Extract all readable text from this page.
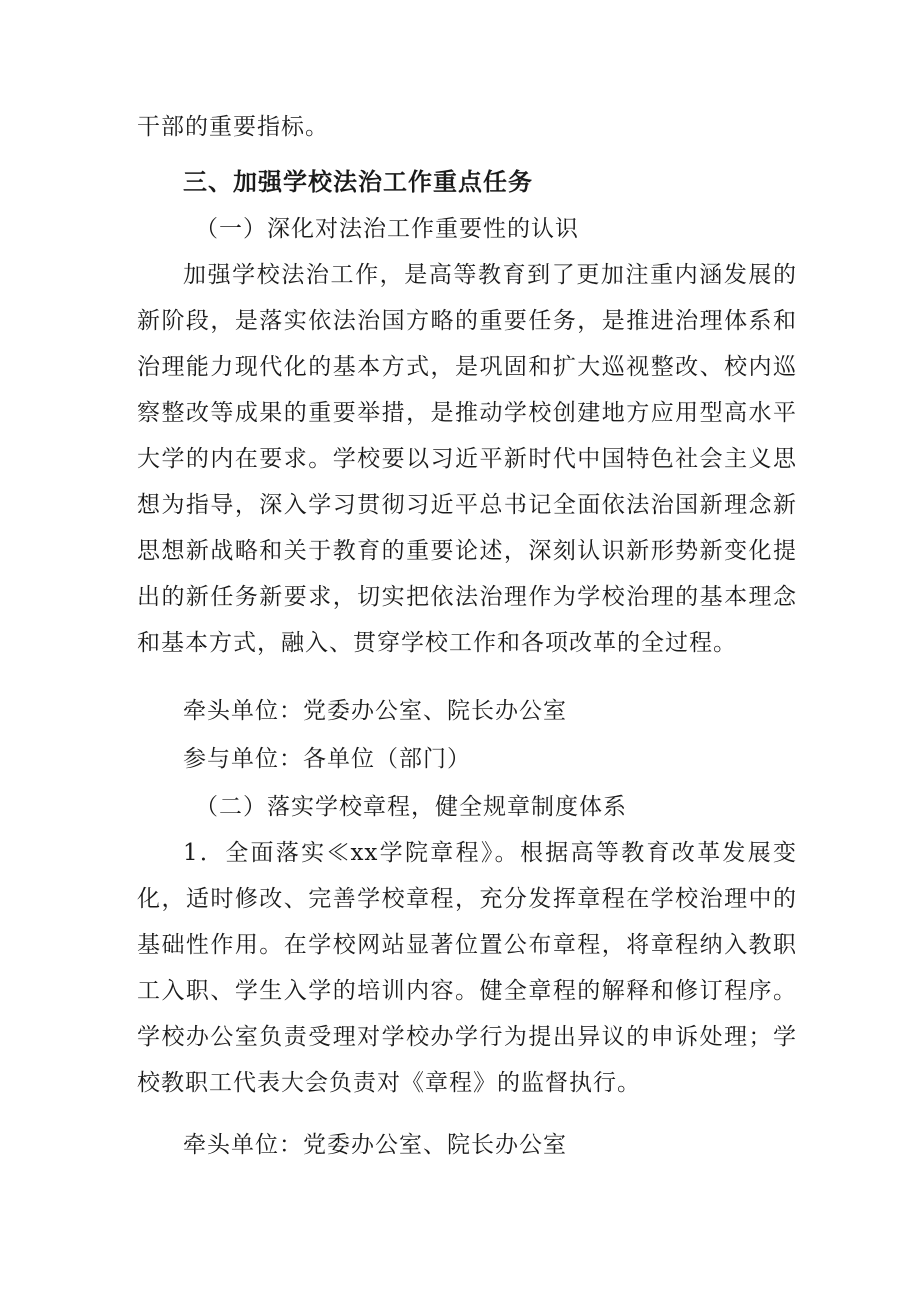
干部的重要指标。

三、加强学校法治工作重点任务

（一）深化对法治工作重要性的认识

加强学校法治工作，是高等教育到了更加注重内涵发展的新阶段，是落实依法治国方略的重要任务，是推进治理体系和治理能力现代化的基本方式，是巩固和扩大巡视整改、校内巡察整改等成果的重要举措，是推动学校创建地方应用型高水平大学的内在要求。学校要以习近平新时代中国特色社会主义思想为指导，深入学习贯彻习近平总书记全面依法治国新理念新思想新战略和关于教育的重要论述，深刻认识新形势新变化提出的新任务新要求，切实把依法治理作为学校治理的基本理念和基本方式，融入、贯穿学校工作和各项改革的全过程。

牵头单位：党委办公室、院长办公室

参与单位：各单位（部门）

（二）落实学校章程，健全规章制度体系

1．全面落实≪xx学院章程》。根据高等教育改革发展变化，适时修改、完善学校章程，充分发挥章程在学校治理中的基础性作用。在学校网站显著位置公布章程，将章程纳入教职工入职、学生入学的培训内容。健全章程的解释和修订程序。学校办公室负责受理对学校办学行为提出异议的申诉处理；学校教职工代表大会负责对《章程》的监督执行。

牵头单位：党委办公室、院长办公室
